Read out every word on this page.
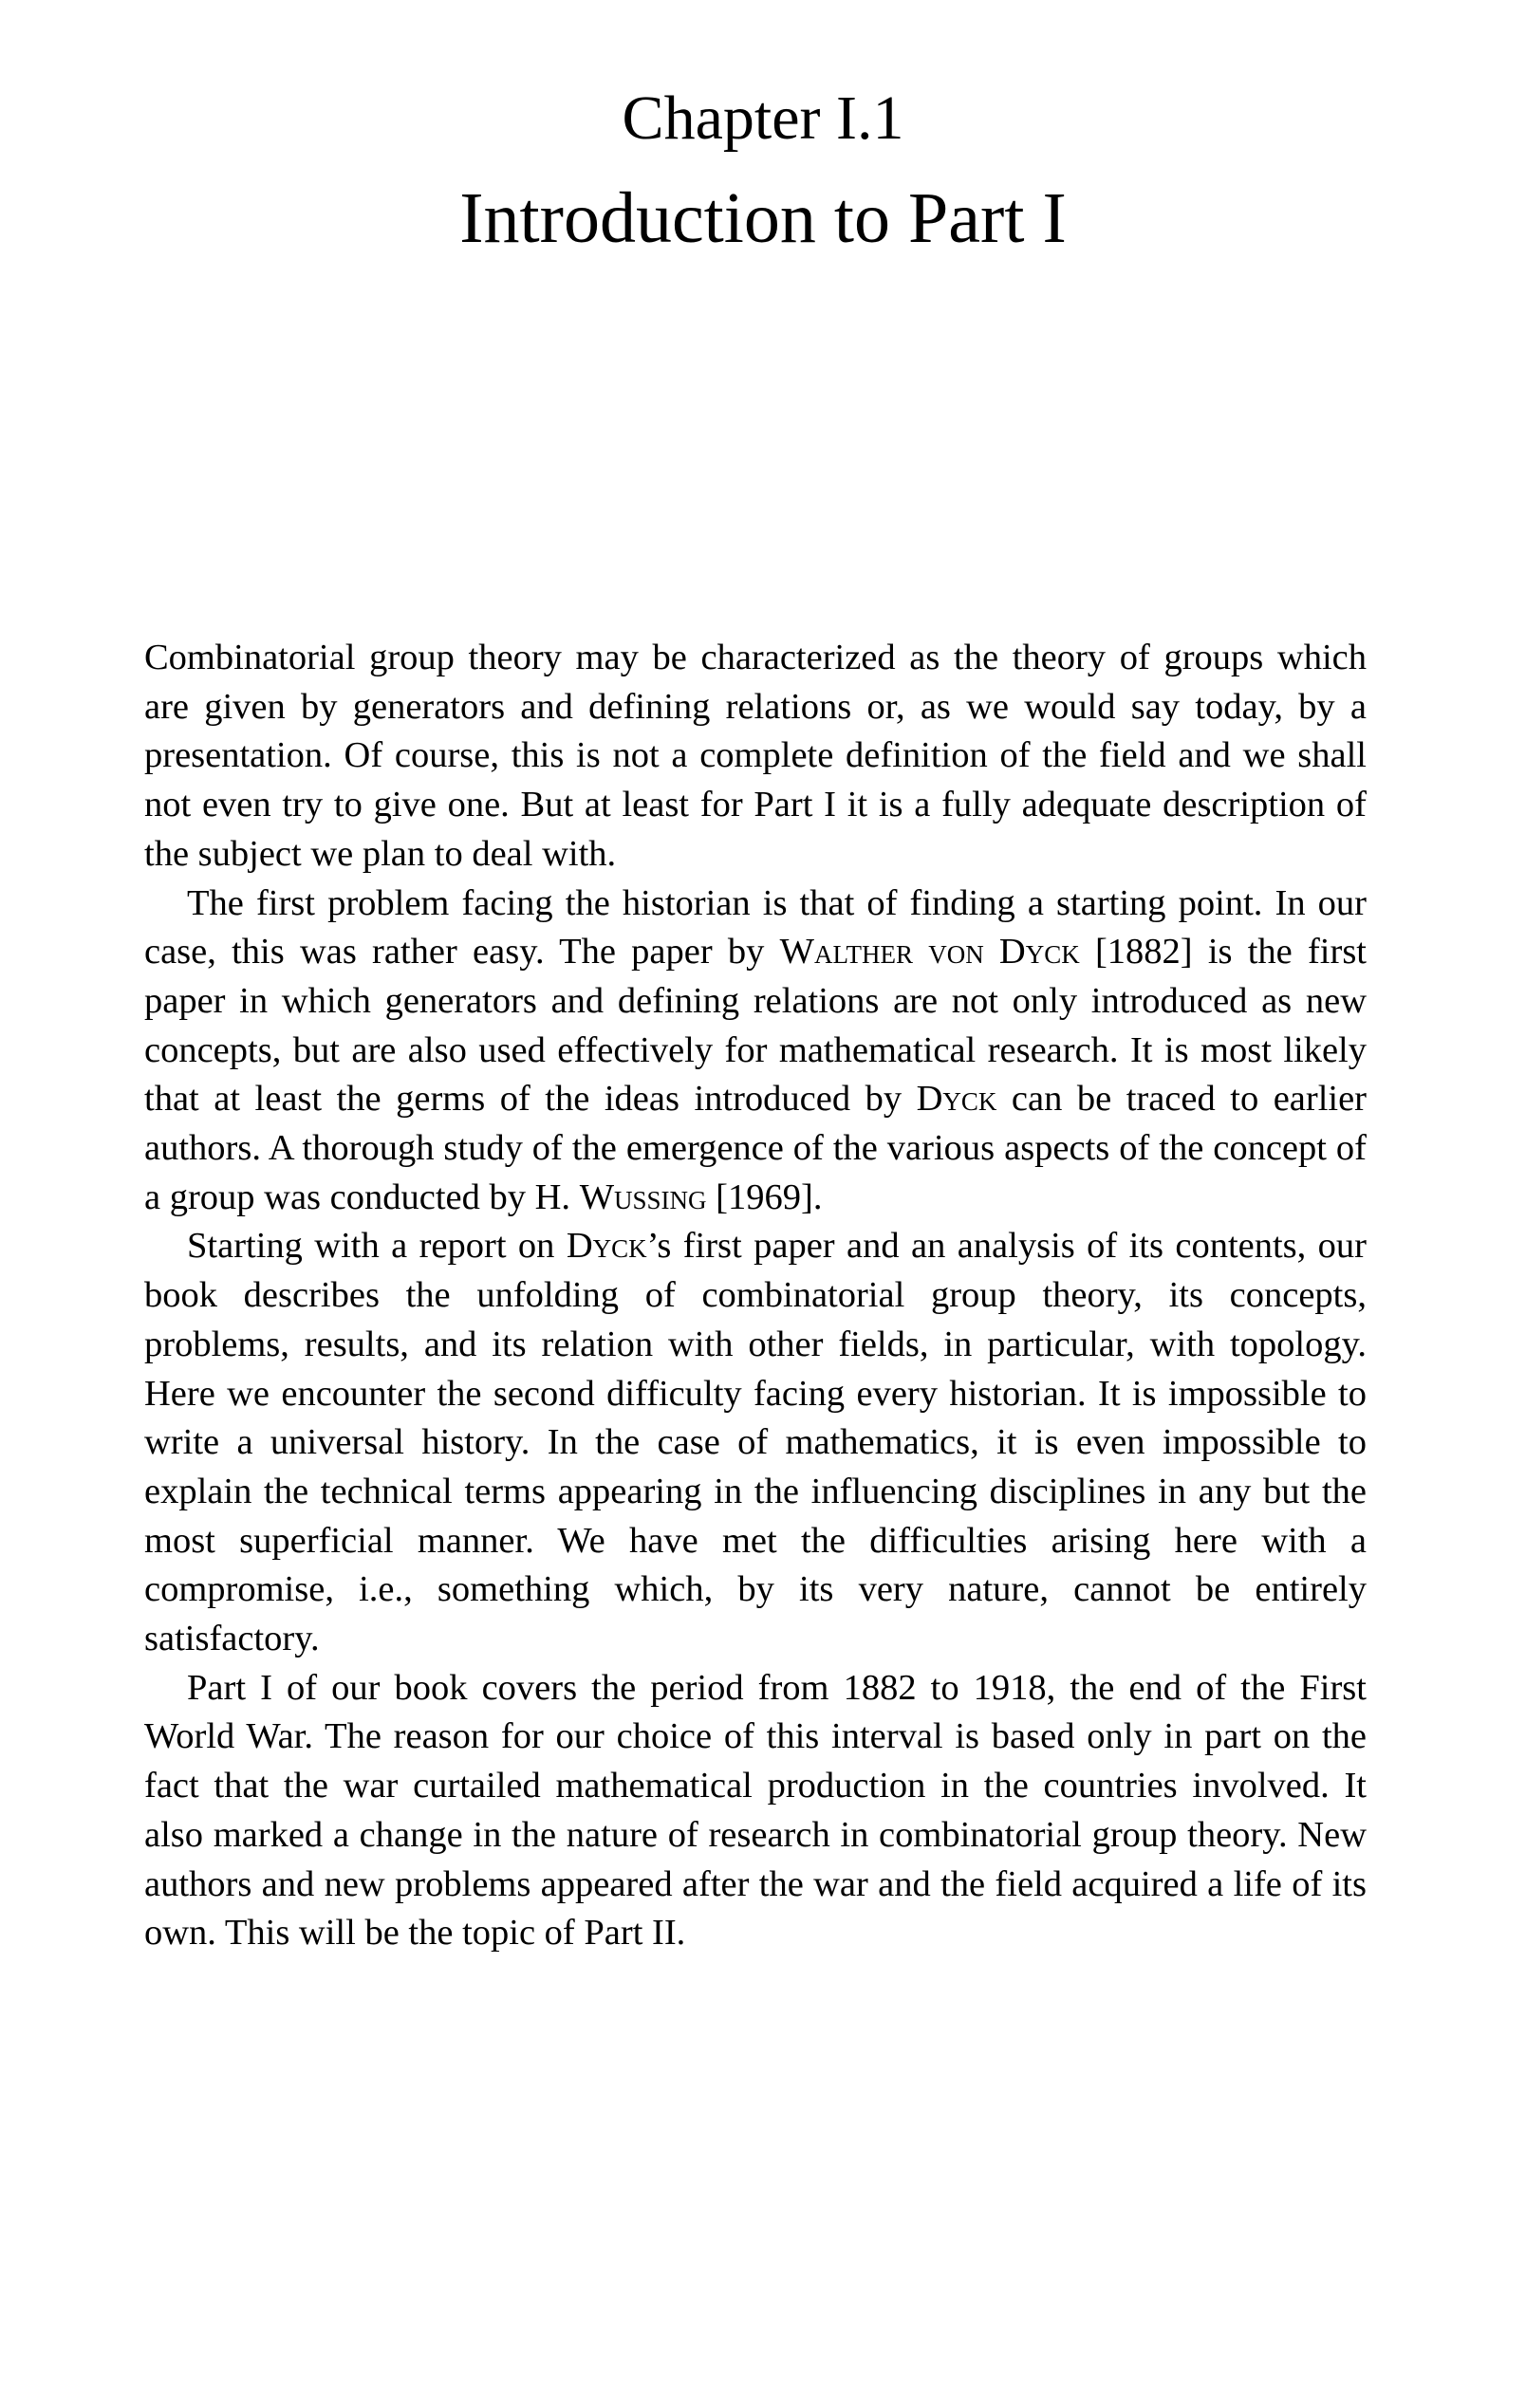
Chapter I.1
Introduction to Part I

Combinatorial group theory may be characterized as the theory of groups which are given by generators and defining relations or, as we would say today, by a presentation. Of course, this is not a complete definition of the field and we shall not even try to give one. But at least for Part I it is a fully adequate description of the subject we plan to deal with.

The first problem facing the historian is that of finding a starting point. In our case, this was rather easy. The paper by Walther von Dyck [1882] is the first paper in which generators and defining relations are not only introduced as new concepts, but are also used effectively for mathematical research. It is most likely that at least the germs of the ideas introduced by Dyck can be traced to earlier authors. A thorough study of the emergence of the various aspects of the concept of a group was conducted by H. Wussing [1969].

Starting with a report on Dyck’s first paper and an analysis of its contents, our book describes the unfolding of combinatorial group theory, its concepts, problems, results, and its relation with other fields, in particular, with topology. Here we encounter the second difficulty facing every historian. It is impossible to write a universal history. In the case of mathematics, it is even impossible to explain the technical terms appearing in the influencing disciplines in any but the most superficial manner. We have met the difficulties arising here with a compromise, i.e., something which, by its very nature, cannot be entirely satisfactory.

Part I of our book covers the period from 1882 to 1918, the end of the First World War. The reason for our choice of this interval is based only in part on the fact that the war curtailed mathematical production in the countries involved. It also marked a change in the nature of research in combinatorial group theory. New authors and new problems appeared after the war and the field acquired a life of its own. This will be the topic of Part II.
